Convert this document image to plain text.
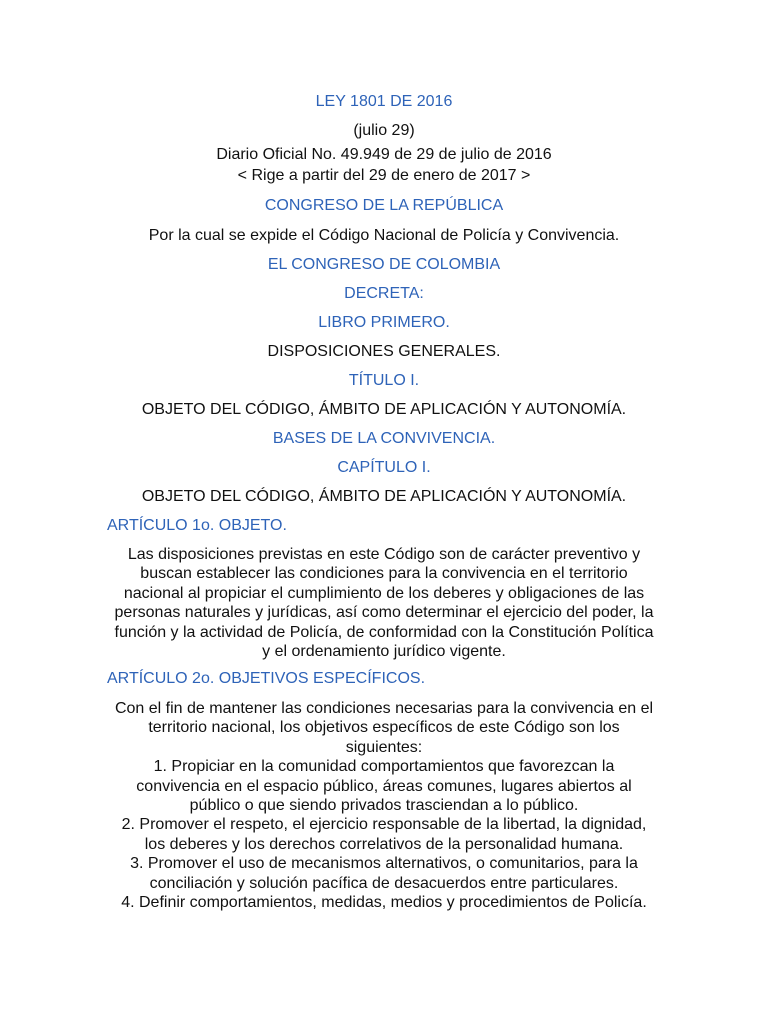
LEY 1801 DE 2016
(julio 29)
Diario Oficial No. 49.949 de 29 de julio de 2016
< Rige a partir del 29 de enero de 2017 >
CONGRESO DE LA REPÚBLICA
Por la cual se expide el Código Nacional de Policía y Convivencia.
EL CONGRESO DE COLOMBIA
DECRETA:
LIBRO PRIMERO.
DISPOSICIONES GENERALES.
TÍTULO I.
OBJETO DEL CÓDIGO, ÁMBITO DE APLICACIÓN Y AUTONOMÍA.
BASES DE LA CONVIVENCIA.
CAPÍTULO I.
OBJETO DEL CÓDIGO, ÁMBITO DE APLICACIÓN Y AUTONOMÍA.
ARTÍCULO 1o. OBJETO.
Las disposiciones previstas en este Código son de carácter preventivo y
buscan establecer las condiciones para la convivencia en el territorio
nacional al propiciar el cumplimiento de los deberes y obligaciones de las
personas naturales y jurídicas, así como determinar el ejercicio del poder, la
función y la actividad de Policía, de conformidad con la Constitución Política
y el ordenamiento jurídico vigente.
ARTÍCULO 2o. OBJETIVOS ESPECÍFICOS.
Con el fin de mantener las condiciones necesarias para la convivencia en el
territorio nacional, los objetivos específicos de este Código son los
siguientes:
1. Propiciar en la comunidad comportamientos que favorezcan la
convivencia en el espacio público, áreas comunes, lugares abiertos al
público o que siendo privados trasciendan a lo público.
2. Promover el respeto, el ejercicio responsable de la libertad, la dignidad,
los deberes y los derechos correlativos de la personalidad humana.
3. Promover el uso de mecanismos alternativos, o comunitarios, para la
conciliación y solución pacífica de desacuerdos entre particulares.
4. Definir comportamientos, medidas, medios y procedimientos de Policía.
